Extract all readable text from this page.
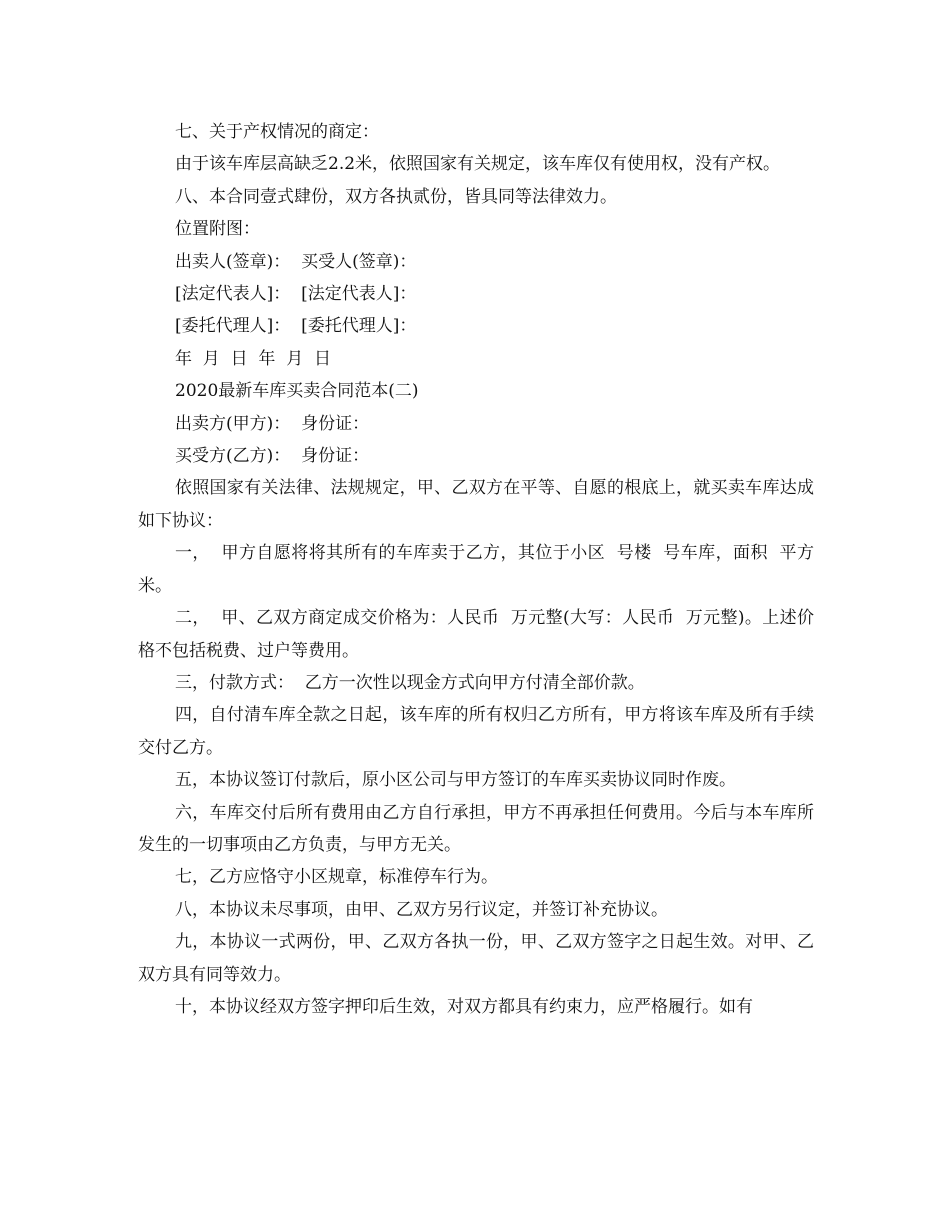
七、关于产权情况的商定：

由于该车库层高缺乏2.2米，依照国家有关规定，该车库仅有使用权，没有产权。

八、本合同壹式肆份，双方各执贰份，皆具同等法律效力。

位置附图：

出卖人(签章)：  买受人(签章)：

[法定代表人]：  [法定代表人]：

[委托代理人]：  [委托代理人]：

年  月  日  年  月  日

2020最新车库买卖合同范本(二)

出卖方(甲方)：  身份证：

买受方(乙方)：  身份证：

依照国家有关法律、法规规定，甲、乙双方在平等、自愿的根底上，就买卖车库达成如下协议：

一，  甲方自愿将将其所有的车库卖于乙方，其位于小区  号楼  号车库，面积  平方米。

二，  甲、乙双方商定成交价格为：人民币  万元整(大写：人民币  万元整)。上述价格不包括税费、过户等费用。

三，付款方式：  乙方一次性以现金方式向甲方付清全部价款。

四，自付清车库全款之日起，该车库的所有权归乙方所有，甲方将该车库及所有手续交付乙方。

五，本协议签订付款后，原小区公司与甲方签订的车库买卖协议同时作废。

六，车库交付后所有费用由乙方自行承担，甲方不再承担任何费用。今后与本车库所发生的一切事项由乙方负责，与甲方无关。

七，乙方应恪守小区规章，标准停车行为。

八，本协议未尽事项，由甲、乙双方另行议定，并签订补充协议。

九，本协议一式两份，甲、乙双方各执一份，甲、乙双方签字之日起生效。对甲、乙双方具有同等效力。

十，本协议经双方签字押印后生效，对双方都具有约束力，应严格履行。如有
